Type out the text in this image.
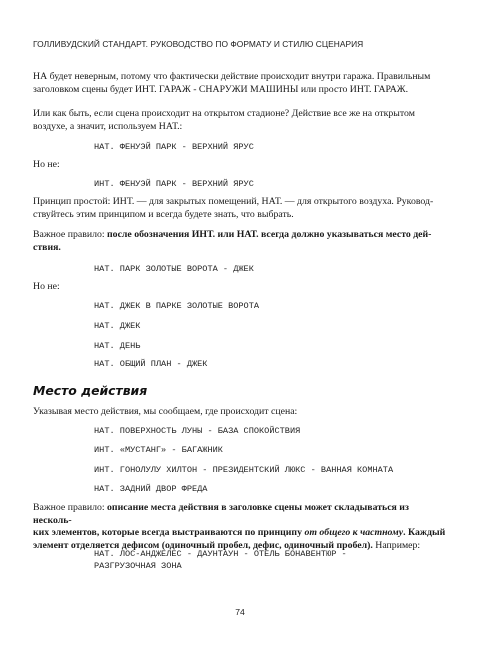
ГОЛЛИВУДСКИЙ СТАНДАРТ. РУКОВОДСТВО ПО ФОРМАТУ И СТИЛЮ СЦЕНАРИЯ

НА будет неверным, потому что фактически действие происходит внутри гаража. Правильным
заголовком сцены будет ИНТ. ГАРАЖ - СНАРУЖИ МАШИНЫ или просто ИНТ. ГАРАЖ.

Или как быть, если сцена происходит на открытом стадионе? Действие все же на открытом
воздухе, а значит, используем НАТ.:

НАТ. ФЕНУЭЙ ПАРК - ВЕРХНИЙ ЯРУС

Но не:

ИНТ. ФЕНУЭЙ ПАРК - ВЕРХНИЙ ЯРУС

Принцип простой: ИНТ. — для закрытых помещений, НАТ. — для открытого воздуха. Руковод-
ствуйтесь этим принципом и всегда будете знать, что выбрать.

Важное правило: после обозначения ИНТ. или НАТ. всегда должно указываться место дей-
ствия.

НАТ. ПАРК ЗОЛОТЫЕ ВОРОТА - ДЖЕК

Но не:

НАТ. ДЖЕК В ПАРКЕ ЗОЛОТЫЕ ВОРОТА

НАТ. ДЖЕК

НАТ. ДЕНЬ

НАТ. ОБЩИЙ ПЛАН - ДЖЕК

Место действия

Указывая место действия, мы сообщаем, где происходит сцена:

НАТ. ПОВЕРХНОСТЬ ЛУНЫ - БАЗА СПОКОЙСТВИЯ

ИНТ. «МУСТАНГ» - БАГАЖНИК

ИНТ. ГОНОЛУЛУ ХИЛТОН - ПРЕЗИДЕНТСКИЙ ЛЮКС - ВАННАЯ КОМНАТА

НАТ. ЗАДНИЙ ДВОР ФРЕДА

Важное правило: описание места действия в заголовке сцены может складываться из несколь-
ких элементов, которые всегда выстраиваются по принципу от общего к частному. Каждый
элемент отделяется дефисом (одиночный пробел, дефис, одиночный пробел). Например:

НАТ. ЛОС-АНДЖЕЛЕС - ДАУНТАУН - ОТЕЛЬ БОНАВЕНТЮР -
РАЗГРУЗОЧНАЯ ЗОНА

74
